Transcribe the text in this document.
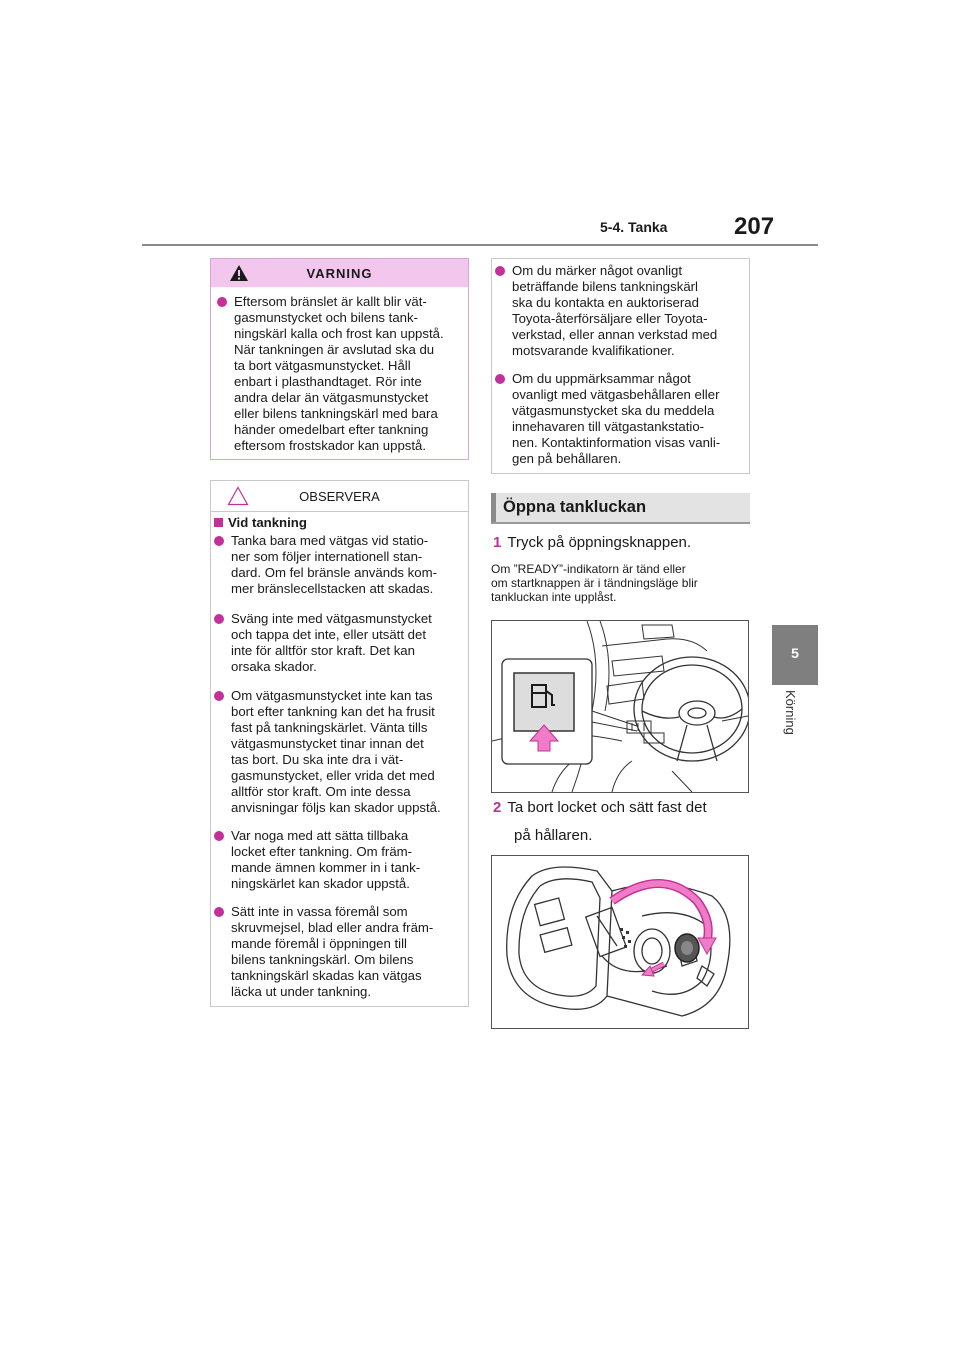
5-4. Tanka	207
5
Körning
VARNING
Eftersom bränslet är kallt blir vät-
gasmunstycket och bilens tank-
ningskärl kalla och frost kan uppstå.
När tankningen är avslutad ska du
ta bort vätgasmunstycket. Håll
enbart i plasthandtaget. Rör inte
andra delar än vätgasmunstycket
eller bilens tankningskärl med bara
händer omedelbart efter tankning
eftersom frostskador kan uppstå.
OBSERVERA
Vid tankning
Tanka bara med vätgas vid statio-
ner som följer internationell stan-
dard. Om fel bränsle används kom-
mer bränslecellstacken att skadas.
Sväng inte med vätgasmunstycket
och tappa det inte, eller utsätt det
inte för alltför stor kraft. Det kan
orsaka skador.
Om vätgasmunstycket inte kan tas
bort efter tankning kan det ha frusit
fast på tankningskärlet. Vänta tills
vätgasmunstycket tinar innan det
tas bort. Du ska inte dra i vät-
gasmunstycket, eller vrida det med
alltför stor kraft. Om inte dessa
anvisningar följs kan skador uppstå.
Var noga med att sätta tillbaka
locket efter tankning. Om främ-
mande ämnen kommer in i tank-
ningskärlet kan skador uppstå.
Sätt inte in vassa föremål som
skruvmejsel, blad eller andra främ-
mande föremål i öppningen till
bilens tankningskärl. Om bilens
tankningskärl skadas kan vätgas
läcka ut under tankning.
Om du märker något ovanligt
beträffande bilens tankningskärl
ska du kontakta en auktoriserad
Toyota-återförsäljare eller Toyota-
verkstad, eller annan verkstad med
motsvarande kvalifikationer.
Om du uppmärksammar något
ovanligt med vätgasbehållaren eller
vätgasmunstycket ska du meddela
innehavaren till vätgastankstatio-
nen. Kontaktinformation visas vanli-
gen på behållaren.
Öppna tankluckan
1 Tryck på öppningsknappen.
Om ”READY”-indikatorn är tänd eller
om startknappen är i tändningsläge blir
tankluckan inte upplåst.
2 Ta bort locket och sätt fast det
på hållaren.
